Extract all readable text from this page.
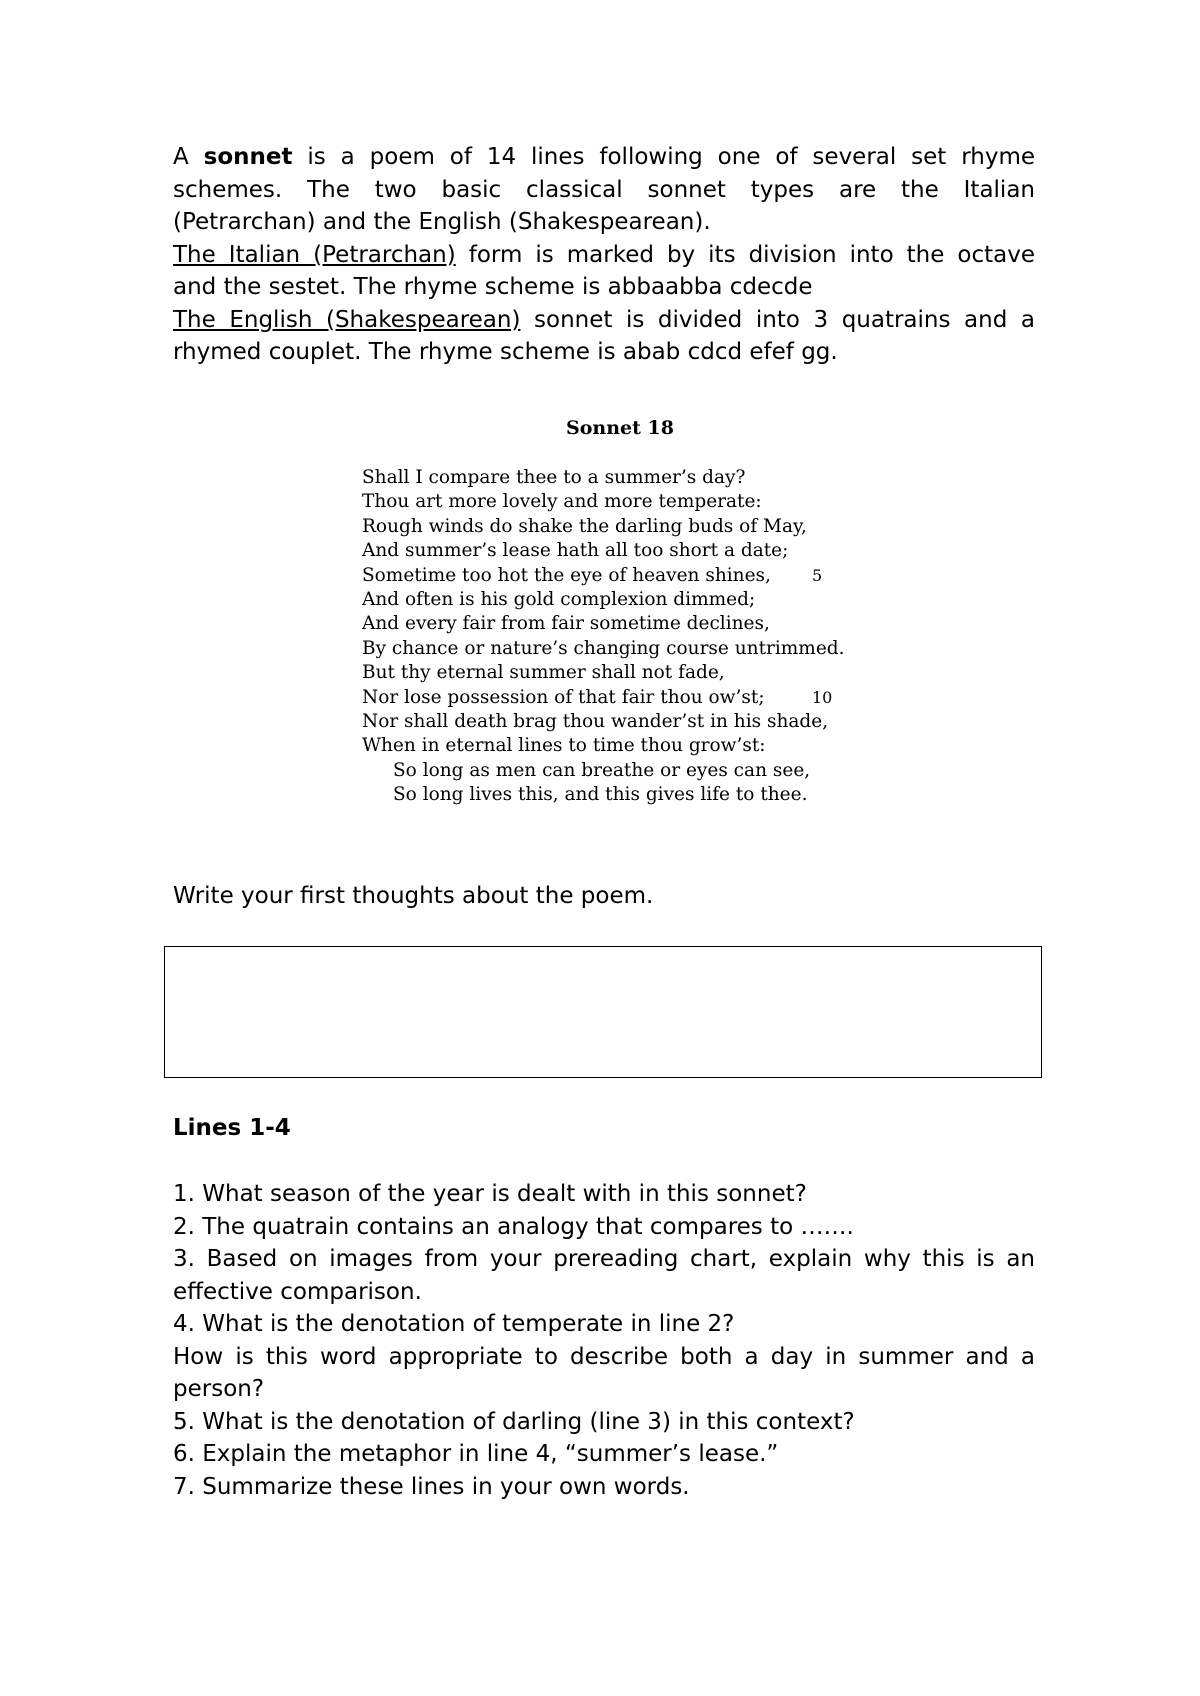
A sonnet is a poem of 14 lines following one of several set rhyme
schemes. The two basic classical sonnet types are the Italian
(Petrarchan) and the English (Shakespearean).
The Italian (Petrarchan) form is marked by its division into the octave
and the sestet. The rhyme scheme is abbaabba cdecde
The English (Shakespearean) sonnet is divided into 3 quatrains and a
rhymed couplet. The rhyme scheme is abab cdcd efef gg.
Sonnet 18
Shall I compare thee to a summer’s day?
Thou art more lovely and more temperate:
Rough winds do shake the darling buds of May,
And summer’s lease hath all too short a date;
Sometime too hot the eye of heaven shines,	5
And often is his gold complexion dimmed;
And every fair from fair sometime declines,
By chance or nature’s changing course untrimmed.
But thy eternal summer shall not fade,
Nor lose possession of that fair thou ow’st;	10
Nor shall death brag thou wander’st in his shade,
When in eternal lines to time thou grow’st:
So long as men can breathe or eyes can see,
So long lives this, and this gives life to thee.
Write your first thoughts about the poem.
Lines 1-4
1. What season of the year is dealt with in this sonnet?
2. The quatrain contains an analogy that compares to …….
3. Based on images from your prereading chart, explain why this is an
effective comparison.
4. What is the denotation of temperate in line 2?
How is this word appropriate to describe both a day in summer and a
person?
5. What is the denotation of darling (line 3) in this context?
6. Explain the metaphor in line 4, “summer’s lease.”
7. Summarize these lines in your own words.
